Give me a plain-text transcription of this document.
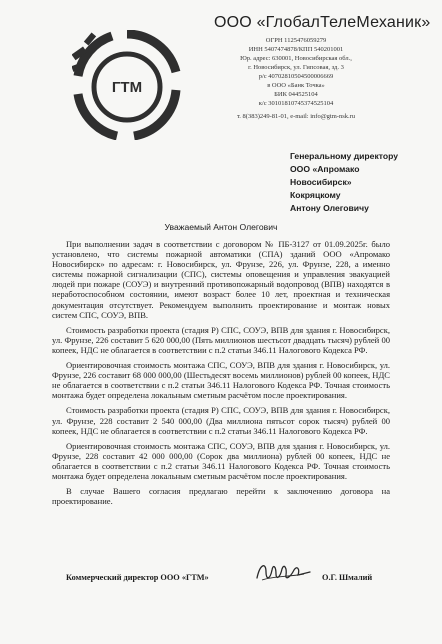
ГТМ
ООО «ГлобалТелеМеханик»
ОГРН 1125476059279
ИНН 5407474878/КПП 540201001
Юр. адрес: 630001, Новосибирская обл.,
г. Новосибирск, ул. Гипсовая, зд. 3
р/с 40702810504500006669
в ООО «Банк Точка»
БИК 044525104
к/с 30101810745374525104
т. 8(383)249-81-01, e-mail: info@gtm-nsk.ru
Генеральному директору
ООО «Апромако
Новосибирск»
Кокряцкому
Антону Олеговичу
Уважаемый Антон Олегович

При выполнении задач в соответствии с договором № ПБ-3127 от 01.09.2025г. было установлено, что системы пожарной автоматики (СПА) зданий ООО «Апромако Новосибирск» по адресам: г. Новосибирск, ул. Фрунзе, 226, ул. Фрунзе, 228, а именно системы пожарной сигнализации (СПС), системы оповещения и управления эвакуацией людей при пожаре (СОУЭ) и внутренний противопожарный водопровод (ВПВ) находятся в неработоспособном состоянии, имеют возраст более 10 лет, проектная и техническая документация отсутствует. Рекомендуем выполнить проектирование и монтаж новых систем СПС, СОУЭ, ВПВ.

Стоимость разработки проекта (стадия Р) СПС, СОУЭ, ВПВ для здания г. Новосибирск, ул. Фрунзе, 226 составит 5 620 000,00 (Пять миллионов шестьсот двадцать тысяч) рублей 00 копеек, НДС не облагается в соответствии с п.2 статьи 346.11 Налогового Кодекса РФ.

Ориентировочная стоимость монтажа СПС, СОУЭ, ВПВ для здания г. Новосибирск, ул. Фрунзе, 226 составит 68 000 000,00 (Шестьдесят восемь миллионов) рублей 00 копеек, НДС не облагается в соответствии с п.2 статьи 346.11 Налогового Кодекса РФ. Точная стоимость монтажа будет определена локальным сметным расчётом после проектирования.

Стоимость разработки проекта (стадия Р) СПС, СОУЭ, ВПВ для здания г. Новосибирск, ул. Фрунзе, 228 составит 2 540 000,00 (Два миллиона пятьсот сорок тысяч) рублей 00 копеек, НДС не облагается в соответствии с п.2 статьи 346.11 Налогового Кодекса РФ.

Ориентировочная стоимость монтажа СПС, СОУЭ, ВПВ для здания г. Новосибирск, ул. Фрунзе, 228 составит 42 000 000,00 (Сорок два миллиона) рублей 00 копеек, НДС не облагается в соответствии с п.2 статьи 346.11 Налогового Кодекса РФ. Точная стоимость монтажа будет определена локальным сметным расчётом после проектирования.

В случае Вашего согласия предлагаю перейти к заключению договора на проектирование.

Коммерческий директор ООО «ГТМ»	О.Г. Шмалий
